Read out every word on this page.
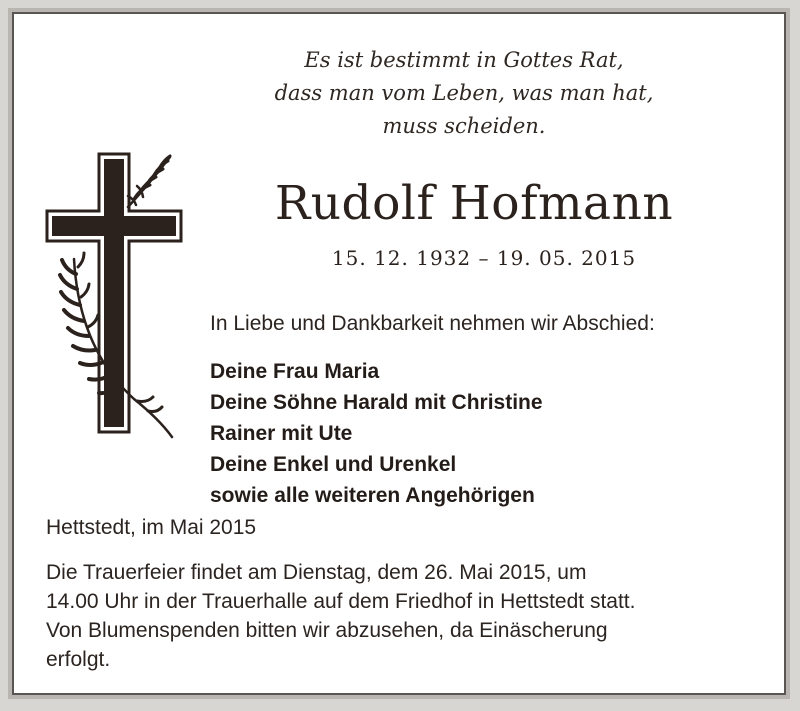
Es ist bestimmt in Gottes Rat,
dass man vom Leben, was man hat,
muss scheiden.
Rudolf Hofmann
15. 12. 1932 – 19. 05. 2015
In Liebe und Dankbarkeit nehmen wir Abschied:
Deine Frau Maria
Deine Söhne Harald mit Christine
Rainer mit Ute
Deine Enkel und Urenkel
sowie alle weiteren Angehörigen
Hettstedt, im Mai 2015
Die Trauerfeier findet am Dienstag, dem 26. Mai 2015, um
14.00 Uhr in der Trauerhalle auf dem Friedhof in Hettstedt statt.
Von Blumenspenden bitten wir abzusehen, da Einäscherung
erfolgt.
